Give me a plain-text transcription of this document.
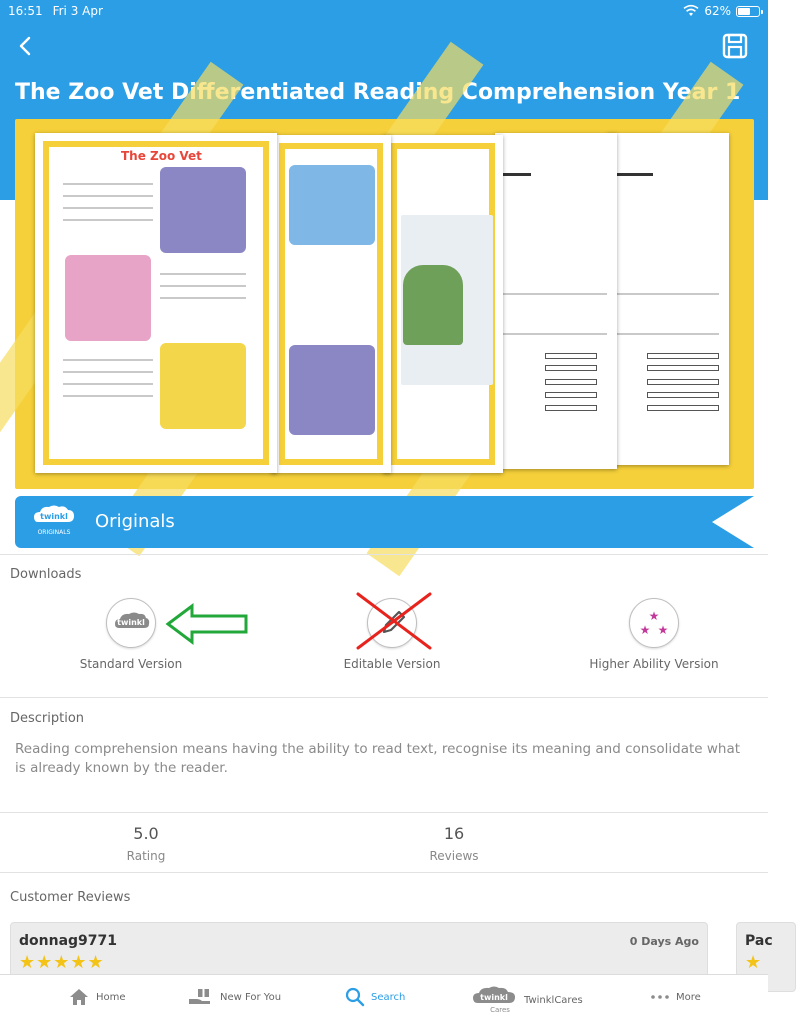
16:51 Fri 3 Apr	62%
The Zoo Vet Differentiated Reading Comprehension Year 1
The Zoo Vet
twinkl
ORIGINALS
Originals
Downloads
twinkl
Standard Version	Editable Version
★
★ ★
Higher Ability Version
Description
Reading comprehension means having the ability to read text, recognise its meaning and consolidate what is already known by the reader.
5.0
Rating
16
Reviews
Customer Reviews
donnag9771	0 Days Ago
★★★★★
Pac
★
Home	New For You	Search	twinkl
Cares
TwinklCares	More
